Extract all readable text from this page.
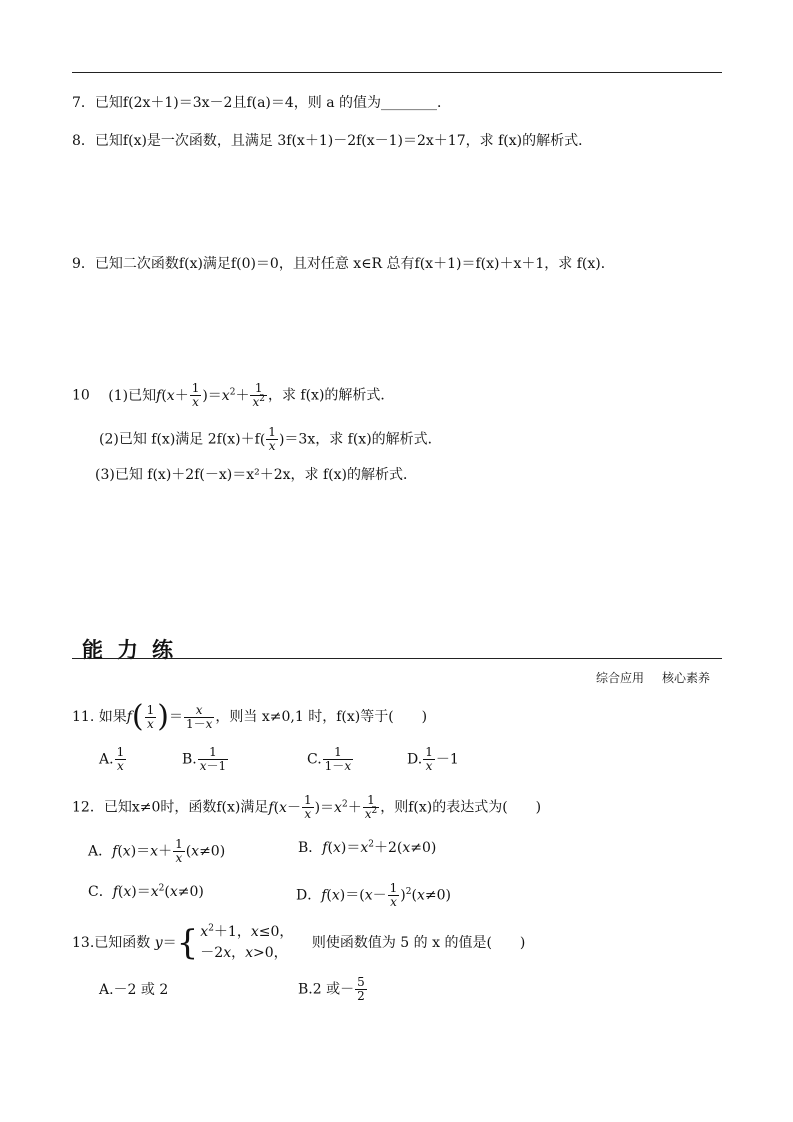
7．已知f(2x＋1)＝3x－2且f(a)＝4，则 a 的值为________．
8．已知f(x)是一次函数，且满足 3f(x＋1)－2f(x－1)＝2x＋17，求 f(x)的解析式．
9．已知二次函数f(x)满足f(0)＝0，且对任意 x∈R 总有f(x＋1)＝f(x)＋x＋1，求 f(x)．
10 (1)已知$f(x+ \frac{1}{x} )=x^2+ \frac{1}{x^2}$ ，求 f(x)的解析式．
(2)已知 f(x)满足 $2f(x)+f( \frac{1}{x} )=3x$，求 f(x)的解析式．
(3)已知 f(x)＋2f(－x)＝x²＋2x，求 f(x)的解析式．
能力练
综合应用 核心素养
11. 如果$f( \frac{1}{x}$ )＝ $\frac{x}{1-x}$ ，则当 x≠0,1 时，f(x)等于(　　)
A. $\frac{1}{x}$	B. $\frac{1}{x-1}$	C. $\frac{1}{1-x}$	D. $\frac{1}{x} -1$
12．已知x≠0时，函数f(x)满足$f(x- \frac{1}{x} )=x^2+ \frac{1}{x^2}$ ，则f(x)的表达式为(　　)
A．$f(x)=x+ \frac{1}{x} (x\ne 0)$	B．$f(x)=x^2+2(x\ne 0)$
C．$f(x)=x^2(x\ne 0)$	D．$f(x)=(x- \frac{1}{x} )^2(x\ne 0)$
13.已知函数 y＝{ $x^2+1$，x≤0，
－2x，x>0，
则使函数值为 5 的 x 的值是(　　)
A.－2 或 2	B.2 或－ $\frac{5}{2}$
